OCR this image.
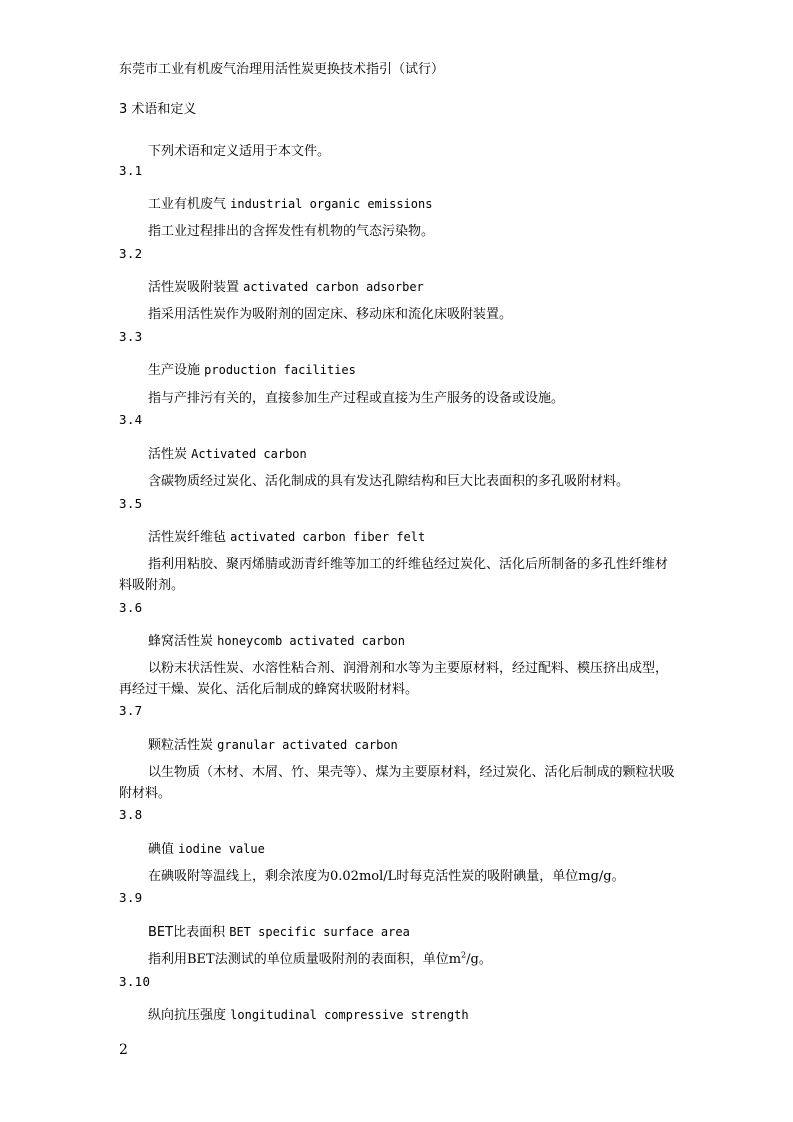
东莞市工业有机废气治理用活性炭更换技术指引（试行）
3 术语和定义
下列术语和定义适用于本文件。
3.1
工业有机废气 industrial organic emissions
指工业过程排出的含挥发性有机物的气态污染物。
3.2
活性炭吸附装置 activated carbon adsorber
指采用活性炭作为吸附剂的固定床、移动床和流化床吸附装置。
3.3
生产设施 production facilities
指与产排污有关的，直接参加生产过程或直接为生产服务的设备或设施。
3.4
活性炭 Activated carbon
含碳物质经过炭化、活化制成的具有发达孔隙结构和巨大比表面积的多孔吸附材料。
3.5
活性炭纤维毡 activated carbon fiber felt
指利用粘胶、聚丙烯腈或沥青纤维等加工的纤维毡经过炭化、活化后所制备的多孔性纤维材料吸附剂。
3.6
蜂窝活性炭 honeycomb activated carbon
以粉末状活性炭、水溶性粘合剂、润滑剂和水等为主要原材料，经过配料、模压挤出成型，再经过干燥、炭化、活化后制成的蜂窝状吸附材料。
3.7
颗粒活性炭 granular activated carbon
以生物质（木材、木屑、竹、果壳等）、煤为主要原材料，经过炭化、活化后制成的颗粒状吸附材料。
3.8
碘值 iodine value
在碘吸附等温线上，剩余浓度为0.02mol/L时每克活性炭的吸附碘量，单位mg/g。
3.9
BET比表面积 BET specific surface area
指利用BET法测试的单位质量吸附剂的表面积，单位$m^2/g$。
3.10
纵向抗压强度 longitudinal compressive strength
2
